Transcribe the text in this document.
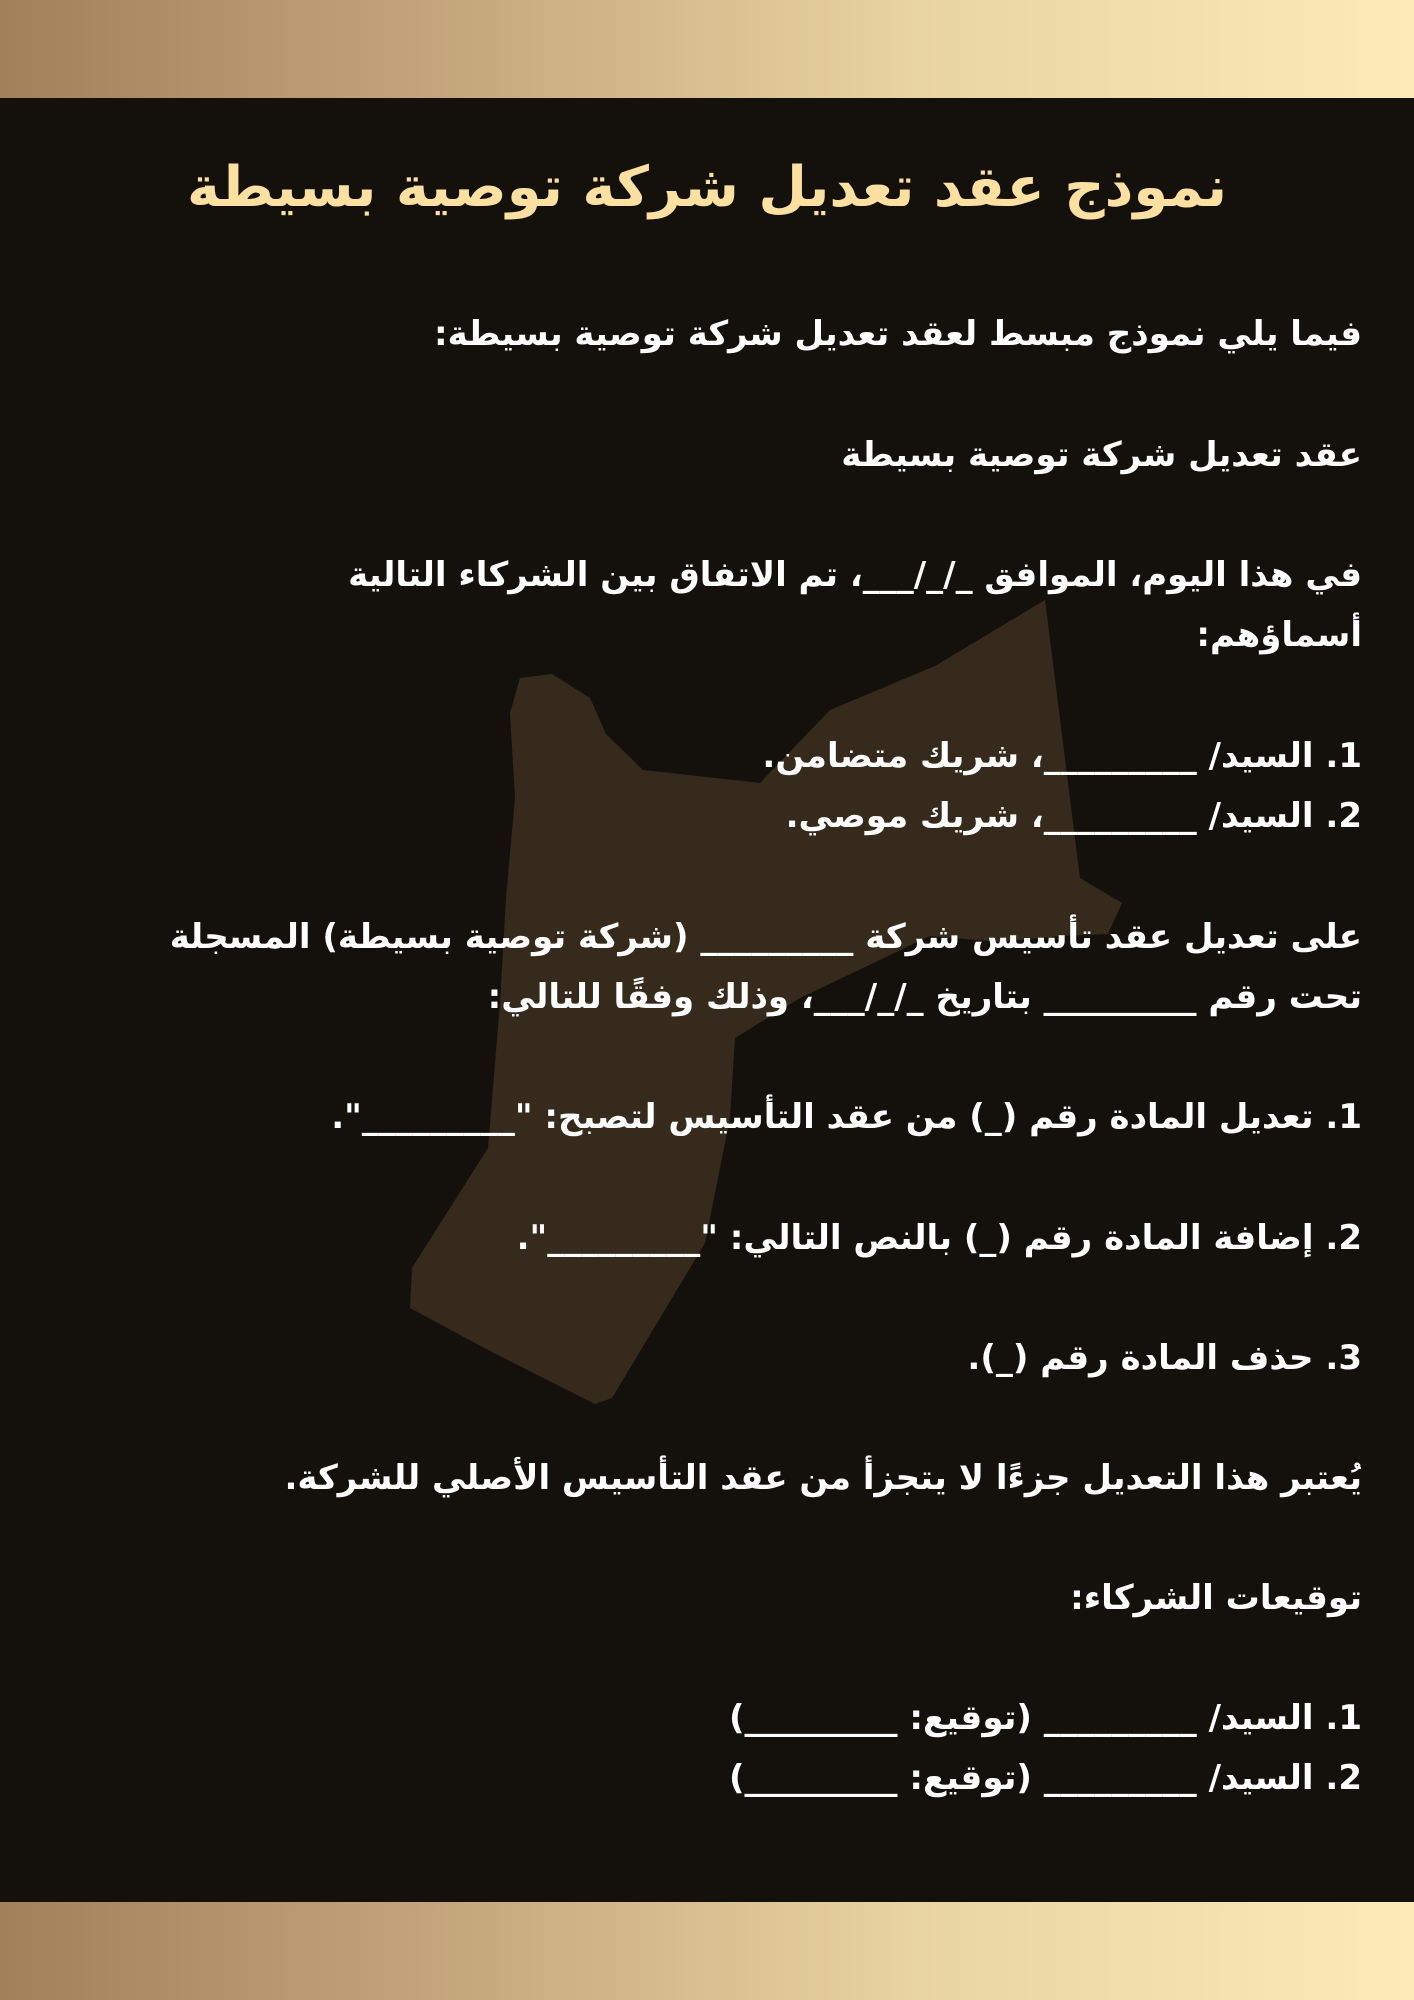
نموذج عقد تعديل شركة توصية بسيطة

فيما يلي نموذج مبسط لعقد تعديل شركة توصية بسيطة:

عقد تعديل شركة توصية بسيطة

في هذا اليوم، الموافق _/_/___، تم الاتفاق بين الشركاء التالية

أسماؤهم:

1. السيد/ _________، شريك متضامن.

2. السيد/ _________، شريك موصي.

على تعديل عقد تأسيس شركة _________ (شركة توصية بسيطة) المسجلة

تحت رقم _________ بتاريخ _/_/___، وذلك وفقًا للتالي:

1. تعديل المادة رقم (_) من عقد التأسيس لتصبح: "_________".

2. إضافة المادة رقم (_) بالنص التالي: "_________".

3. حذف المادة رقم (_).

يُعتبر هذا التعديل جزءًا لا يتجزأ من عقد التأسيس الأصلي للشركة.

توقيعات الشركاء:

1. السيد/ _________ (توقيع: _________)

2. السيد/ _________ (توقيع: _________)
